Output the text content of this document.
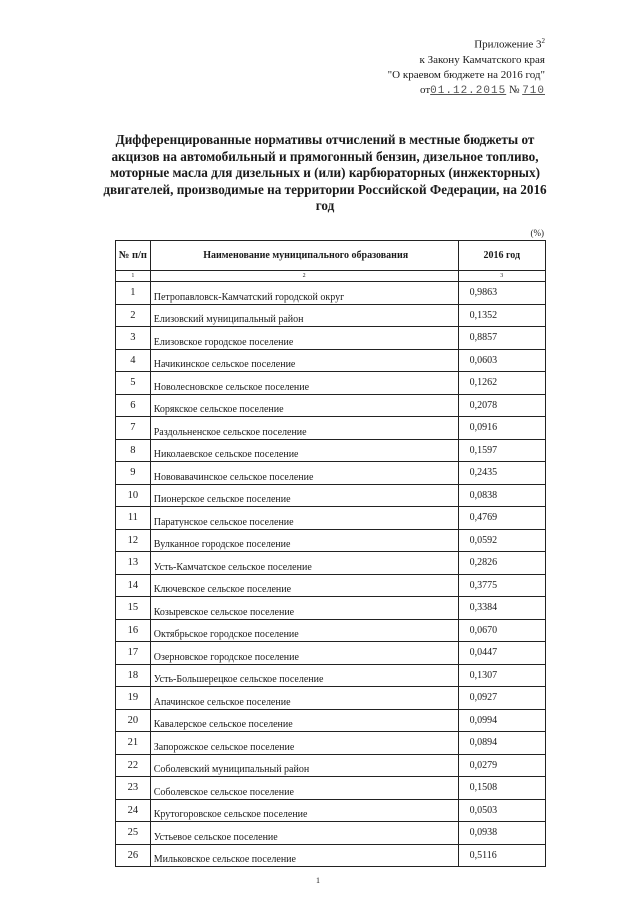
Приложение $3^2$
к Закону Камчатского края
"О краевом бюджете на 2016 год"
от01.12.2015 № 710
Дифференцированные нормативы отчислений в местные бюджеты от акцизов на автомобильный и прямогонный бензин, дизельное топливо, моторные масла для дизельных и (или) карбюраторных (инжекторных) двигателей, производимые на территории Российской Федерации, на 2016 год
(%)
№ п/п	Наименование муниципального образования	2016 год
1	2	3
1	Петропавловск-Камчатский городской округ	0,9863
2	Елизовский муниципальный район	0,1352
3	Елизовское городское поселение	0,8857
4	Начикинское сельское поселение	0,0603
5	Новолесновское сельское поселение	0,1262
6	Корякское сельское поселение	0,2078
7	Раздольненское сельское поселение	0,0916
8	Николаевское сельское поселение	0,1597
9	Нововавачинское сельское поселение	0,2435
10	Пионерское сельское поселение	0,0838
11	Паратунское сельское поселение	0,4769
12	Вулканное городское поселение	0,0592
13	Усть-Камчатское сельское поселение	0,2826
14	Ключевское сельское поселение	0,3775
15	Козыревское сельское поселение	0,3384
16	Октябрьское городское поселение	0,0670
17	Озерновское городское поселение	0,0447
18	Усть-Большерецкое сельское поселение	0,1307
19	Апачинское сельское поселение	0,0927
20	Кавалерское сельское поселение	0,0994
21	Запорожское сельское поселение	0,0894
22	Соболевский муниципальный район	0,0279
23	Соболевское сельское поселение	0,1508
24	Крутогоровское сельское поселение	0,0503
25	Устьевое сельское поселение	0,0938
26	Мильковское сельское поселение	0,5116
1
